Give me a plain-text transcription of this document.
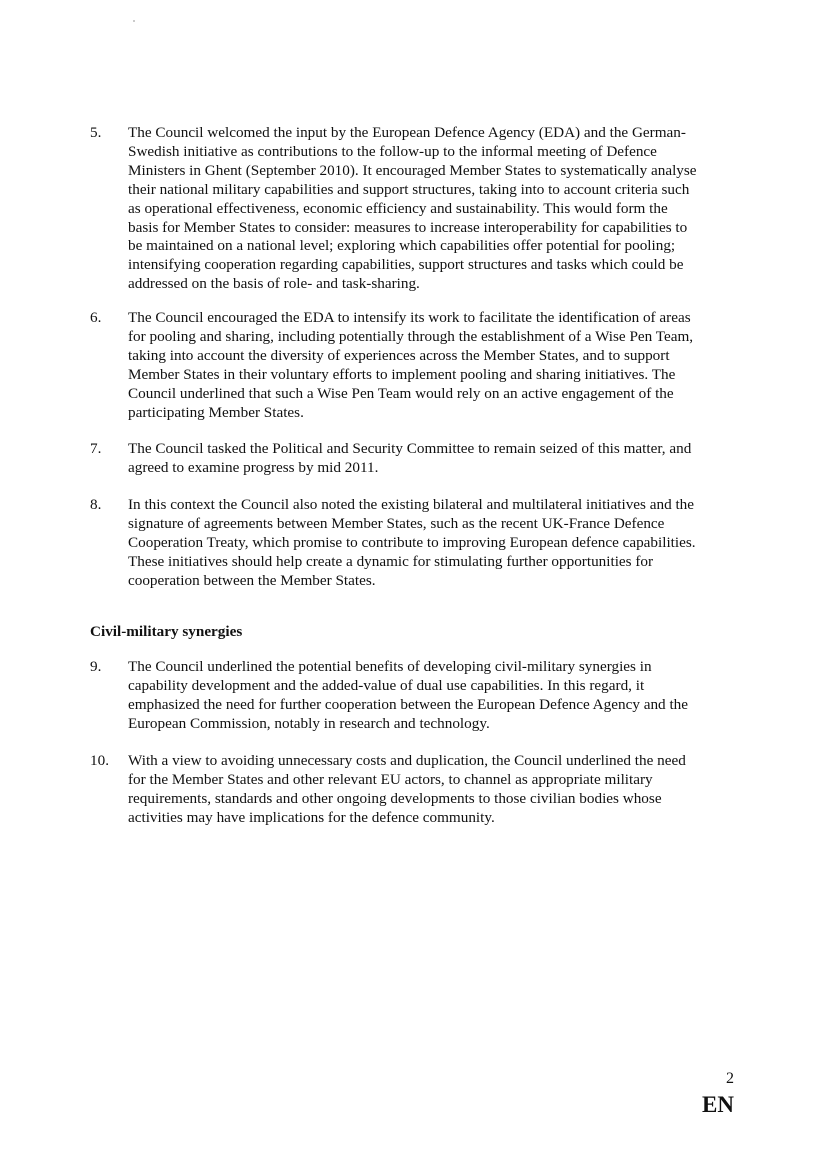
5.	The Council welcomed the input by the European Defence Agency (EDA) and the German-
Swedish initiative as contributions to the follow-up to the informal meeting of Defence
Ministers in Ghent (September 2010). It encouraged Member States to systematically analyse
their national military capabilities and support structures, taking into to account criteria such
as operational effectiveness, economic efficiency and sustainability. This would form the
basis for Member States to consider: measures to increase interoperability for capabilities to
be maintained on a national level; exploring which capabilities offer potential for pooling;
intensifying cooperation regarding capabilities, support structures and tasks which could be
addressed on the basis of role- and task-sharing.
6.	The Council encouraged the EDA to intensify its work to facilitate the identification of areas
for pooling and sharing, including potentially through the establishment of a Wise Pen Team,
taking into account the diversity of experiences across the Member States, and to support
Member States in their voluntary efforts to implement pooling and sharing initiatives. The
Council underlined that such a Wise Pen Team would rely on an active engagement of the
participating Member States.
7.	The Council tasked the Political and Security Committee to remain seized of this matter, and
agreed to examine progress by mid 2011.
8.	In this context the Council also noted the existing bilateral and multilateral initiatives and the
signature of agreements between Member States, such as the recent UK-France Defence
Cooperation Treaty, which promise to contribute to improving European defence capabilities.
These initiatives should help create a dynamic for stimulating further opportunities for
cooperation between the Member States.
Civil-military synergies
9.	The Council underlined the potential benefits of developing civil-military synergies in
capability development and the added-value of dual use capabilities. In this regard, it
emphasized the need for further cooperation between the European Defence Agency and the
European Commission, notably in research and technology.
10.	With a view to avoiding unnecessary costs and duplication, the Council underlined the need
for the Member States and other relevant EU actors, to channel as appropriate military
requirements, standards and other ongoing developments to those civilian bodies whose
activities may have implications for the defence community.
2
EN
